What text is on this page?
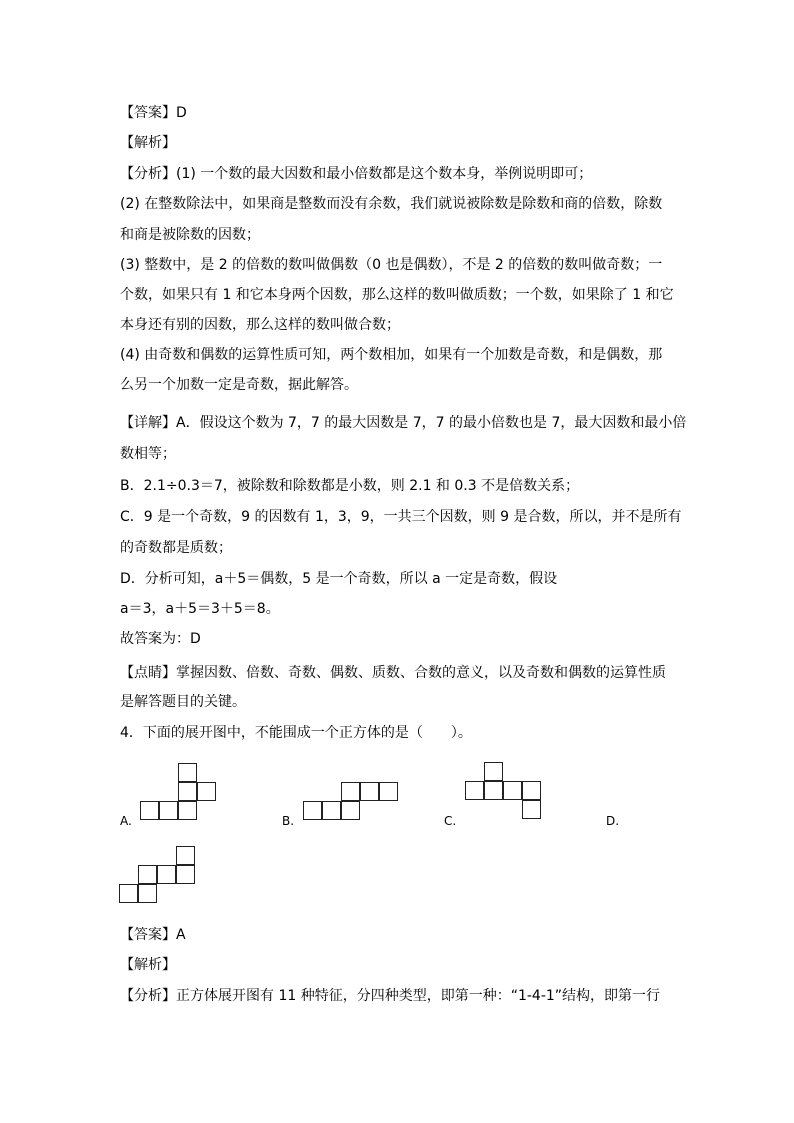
【答案】D
【解析】
【分析】(1) 一个数的最大因数和最小倍数都是这个数本身，举例说明即可；
(2) 在整数除法中，如果商是整数而没有余数，我们就说被除数是除数和商的倍数，除数
和商是被除数的因数；
(3) 整数中，是 2 的倍数的数叫做偶数（0 也是偶数），不是 2 的倍数的数叫做奇数；一
个数，如果只有 1 和它本身两个因数，那么这样的数叫做质数；一个数，如果除了 1 和它
本身还有别的因数，那么这样的数叫做合数；
(4) 由奇数和偶数的运算性质可知，两个数相加，如果有一个加数是奇数，和是偶数，那
么另一个加数一定是奇数，据此解答。
【详解】A．假设这个数为 7，7 的最大因数是 7，7 的最小倍数也是 7，最大因数和最小倍
数相等；
B．2.1÷0.3＝7，被除数和除数都是小数，则 2.1 和 0.3 不是倍数关系；
C．9 是一个奇数，9 的因数有 1，3，9，一共三个因数，则 9 是合数，所以，并不是所有
的奇数都是质数；
D．分析可知，a＋5＝偶数，5 是一个奇数，所以 a 一定是奇数，假设
a＝3，a＋5＝3＋5＝8。
故答案为：D
【点睛】掌握因数、倍数、奇数、偶数、质数、合数的意义，以及奇数和偶数的运算性质
是解答题目的关键。
4．下面的展开图中，不能围成一个正方体的是（　　）。
A.	B.	C.	D.
【答案】A
【解析】
【分析】正方体展开图有 11 种特征，分四种类型，即第一种：“1-4-1”结构，即第一行
